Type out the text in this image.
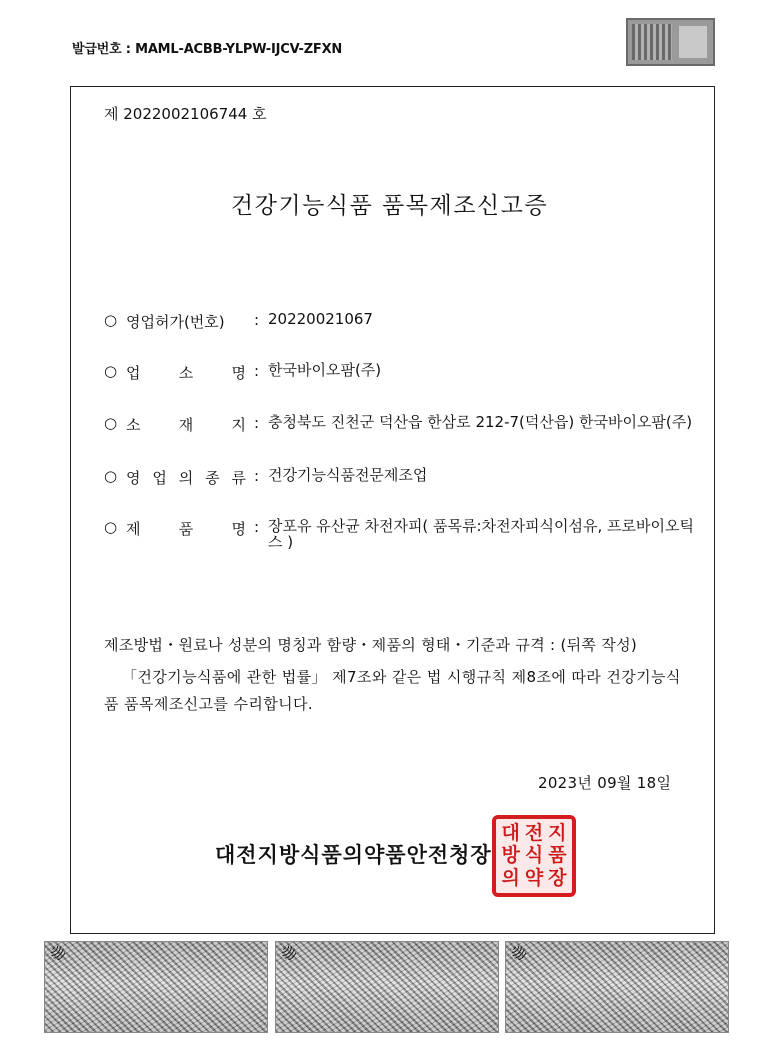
발급번호 : MAML-ACBB-YLPW-IJCV-ZFXN
제 2022002106744 호
건강기능식품 품목제조신고증
○ 영업허가(번호)	: 20220021067
○ 업	소	명 : 한국바이오팜(주)
○ 소	재	지 : 충청북도 진천군 덕산읍 한삼로 212-7(덕산읍) 한국바이오팜(주)
○ 영 업 의 종 류 : 건강기능식품전문제조업
○ 제	품	명 : 장포유 유산균 차전자피( 품목류:차전자피식이섬유, 프로바이오틱스 )
제조방법・원료나 성분의 명칭과 함량・제품의 형태・기준과 규격 : (뒤쪽 작성)
「건강기능식품에 관한 법률」 제7조와 같은 법 시행규칙 제8조에 따라 건강기능식품 품목제조신고를 수리합니다.
2023년 09월 18일
대전지방식품의약품안전청장
대 전 지
방 식 품
의 약 장
